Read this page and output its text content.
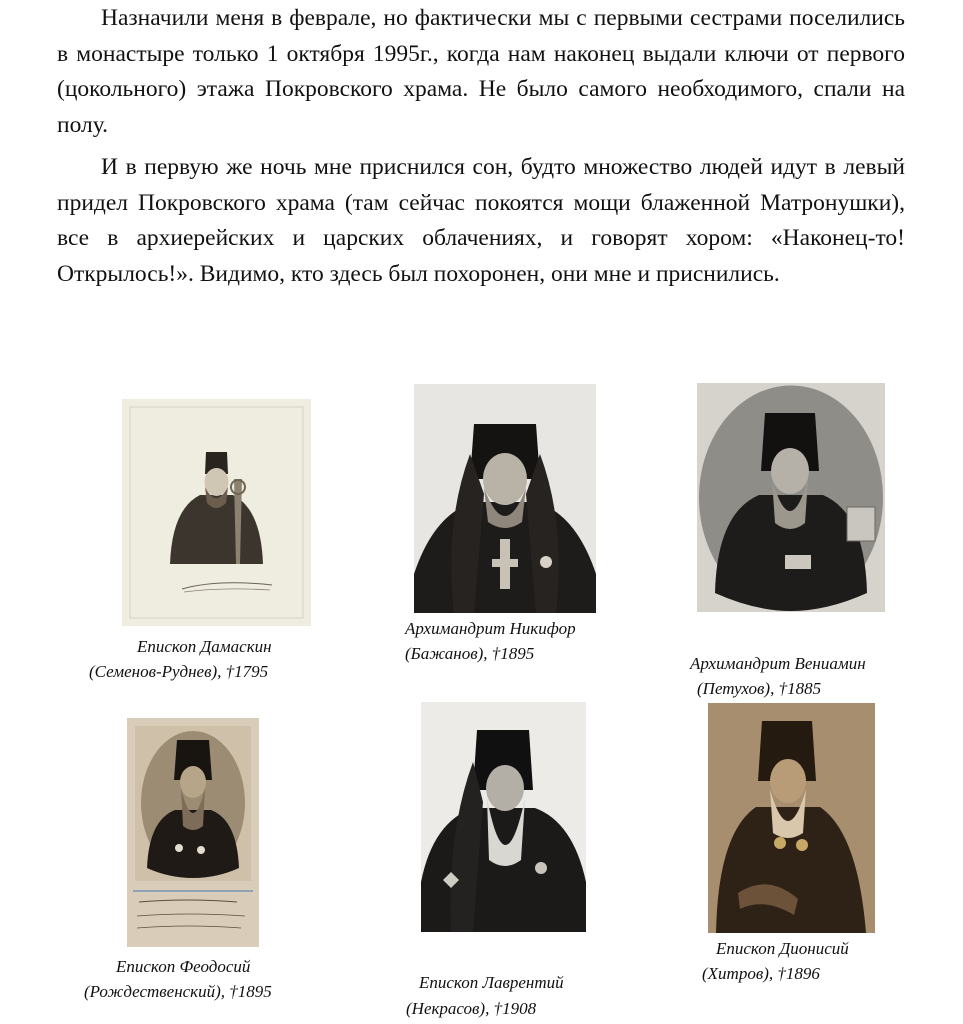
Назначили меня в феврале, но фактически мы с первыми сестрами поселились в монастыре только 1 октября 1995г., когда нам наконец выдали ключи от первого (цокольного) этажа Покровского храма. Не было самого необходимого, спали на полу.

И в первую же ночь мне приснился сон, будто множество людей идут в левый придел Покровского храма (там сейчас покоятся мощи блаженной Матронушки), все в архиерейских и царских облачениях, и говорят хором: «Наконец-то! Открылось!». Видимо, кто здесь был похоронен, они мне и приснились.

Епископ Дамаскин

(Семенов-Руднев), †1795

Архимандрит Никифор

(Бажанов), †1895

Архимандрит Вениамин

(Петухов), †1885

Епископ Феодосий

(Рождественский), †1895	Епископ Лаврентий

(Некрасов), †1908

Епископ Дионисий

(Хитров), †1896
